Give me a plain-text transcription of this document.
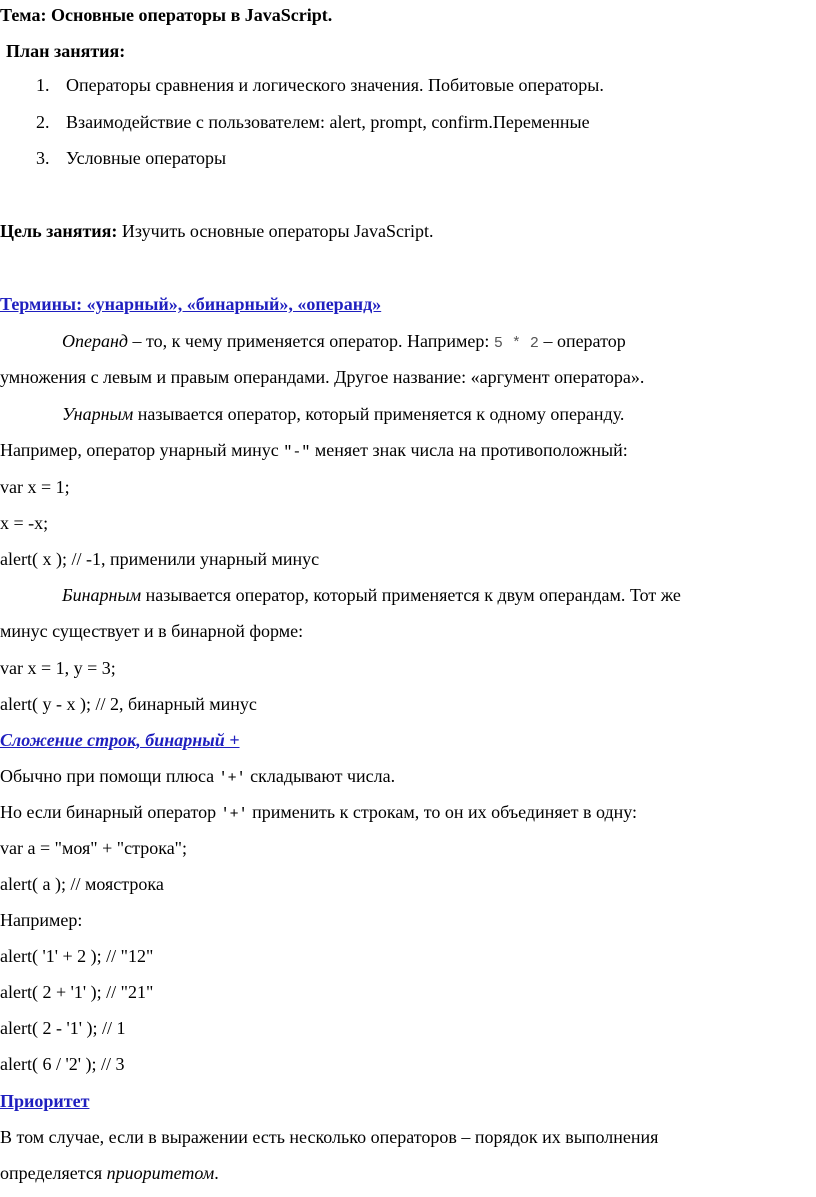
Тема: Основные операторы в JavaScript.
План занятия:
1. Операторы сравнения и логического значения. Побитовые операторы.
2. Взаимодействие с пользователем: alert, prompt, confirm.Переменные
3. Условные операторы
Цель занятия: Изучить основные операторы JavaScript.
Термины: «унарный», «бинарный», «операнд»
Операнд – то, к чему применяется оператор. Например: 5 * 2 – оператор
умножения с левым и правым операндами. Другое название: «аргумент оператора».
Унарным называется оператор, который применяется к одному операнду.
Например, оператор унарный минус "-" меняет знак числа на противоположный:
var x = 1;
x = -x;
alert( x ); // -1, применили унарный минус
Бинарным называется оператор, который применяется к двум операндам. Тот же
минус существует и в бинарной форме:
var x = 1, y = 3;
alert( y - x ); // 2, бинарный минус
Сложение строк, бинарный +
Обычно при помощи плюса '+' складывают числа.
Но если бинарный оператор '+' применить к строкам, то он их объединяет в одну:
var a = "моя" + "строка";
alert( a ); // моястрока
Например:
alert( '1' + 2 ); // "12"
alert( 2 + '1' ); // "21"
alert( 2 - '1' ); // 1
alert( 6 / '2' ); // 3
Приоритет
В том случае, если в выражении есть несколько операторов – порядок их выполнения
определяется приоритетом.
